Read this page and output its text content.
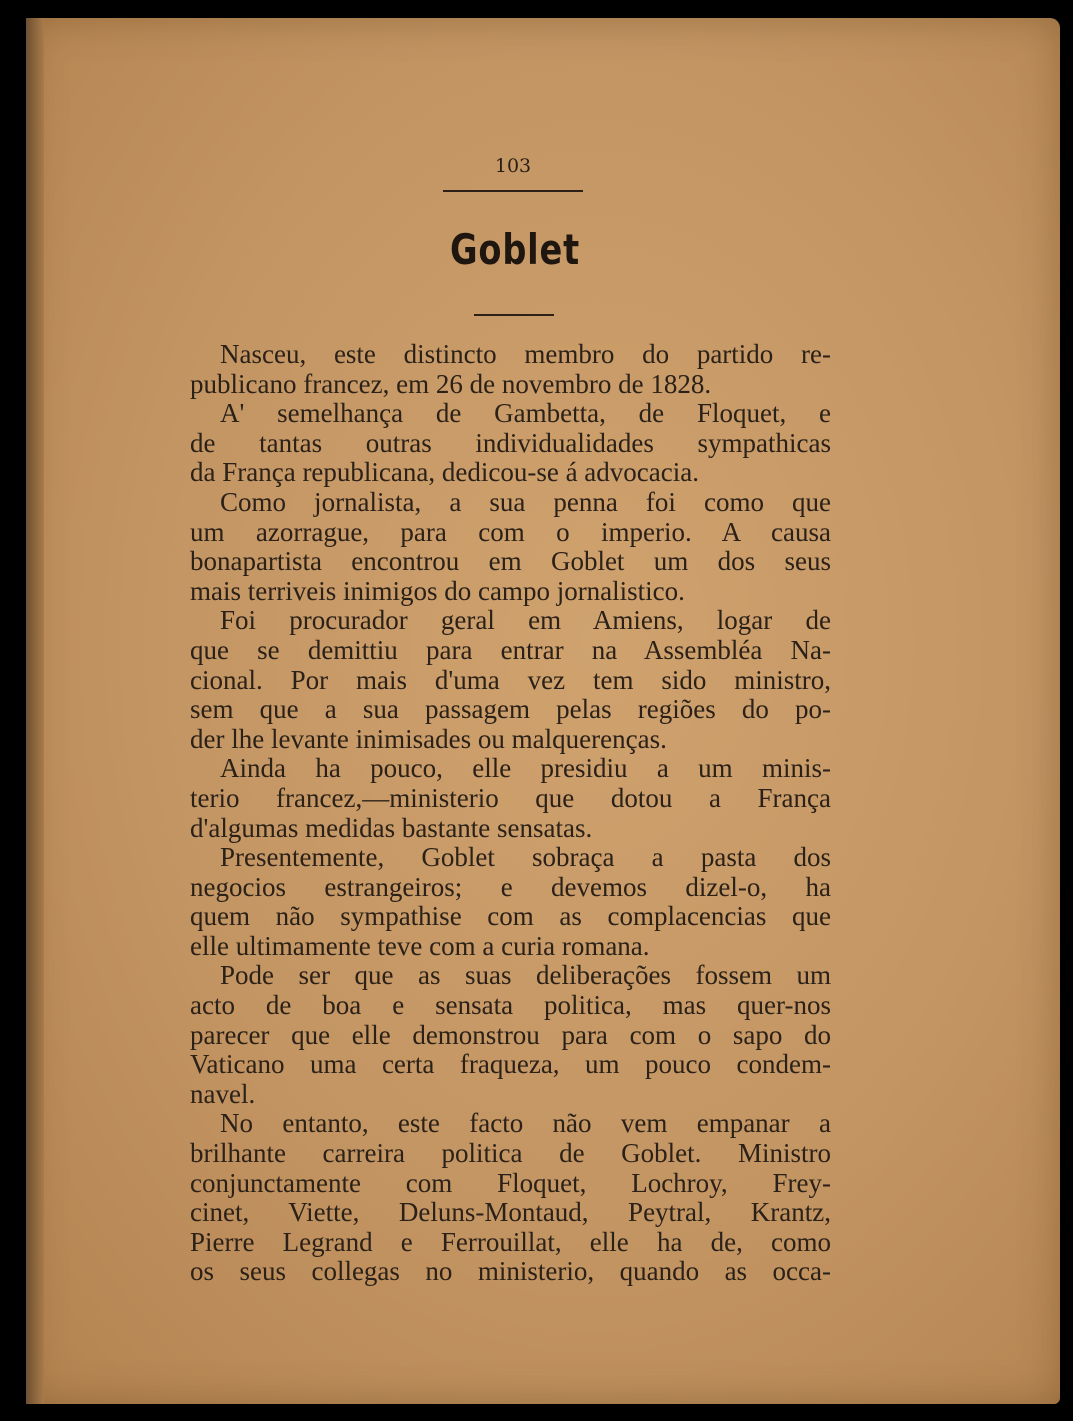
103
Goblet
Nasceu, este distincto membro do partido re-
publicano francez, em 26 de novembro de 1828.
A' semelhança de Gambetta, de Floquet, e
de tantas outras individualidades sympathicas
da França republicana, dedicou-se á advocacia.
Como jornalista, a sua penna foi como que
um azorrague, para com o imperio. A causa
bonapartista encontrou em Goblet um dos seus
mais terriveis inimigos do campo jornalistico.
Foi procurador geral em Amiens, logar de
que se demittiu para entrar na Assembléa Na-
cional. Por mais d'uma vez tem sido ministro,
sem que a sua passagem pelas regiões do po-
der lhe levante inimisades ou malquerenças.
Ainda ha pouco, elle presidiu a um minis-
terio francez,—ministerio que dotou a França
d'algumas medidas bastante sensatas.
Presentemente, Goblet sobraça a pasta dos
negocios estrangeiros; e devemos dizel-o, ha
quem não sympathise com as complacencias que
elle ultimamente teve com a curia romana.
Pode ser que as suas deliberações fossem um
acto de boa e sensata politica, mas quer-nos
parecer que elle demonstrou para com o sapo do
Vaticano uma certa fraqueza, um pouco condem-
navel.
No entanto, este facto não vem empanar a
brilhante carreira politica de Goblet. Ministro
conjunctamente com Floquet, Lochroy, Frey-
cinet, Viette, Deluns-Montaud, Peytral, Krantz,
Pierre Legrand e Ferrouillat, elle ha de, como
os seus collegas no ministerio, quando as occa-
